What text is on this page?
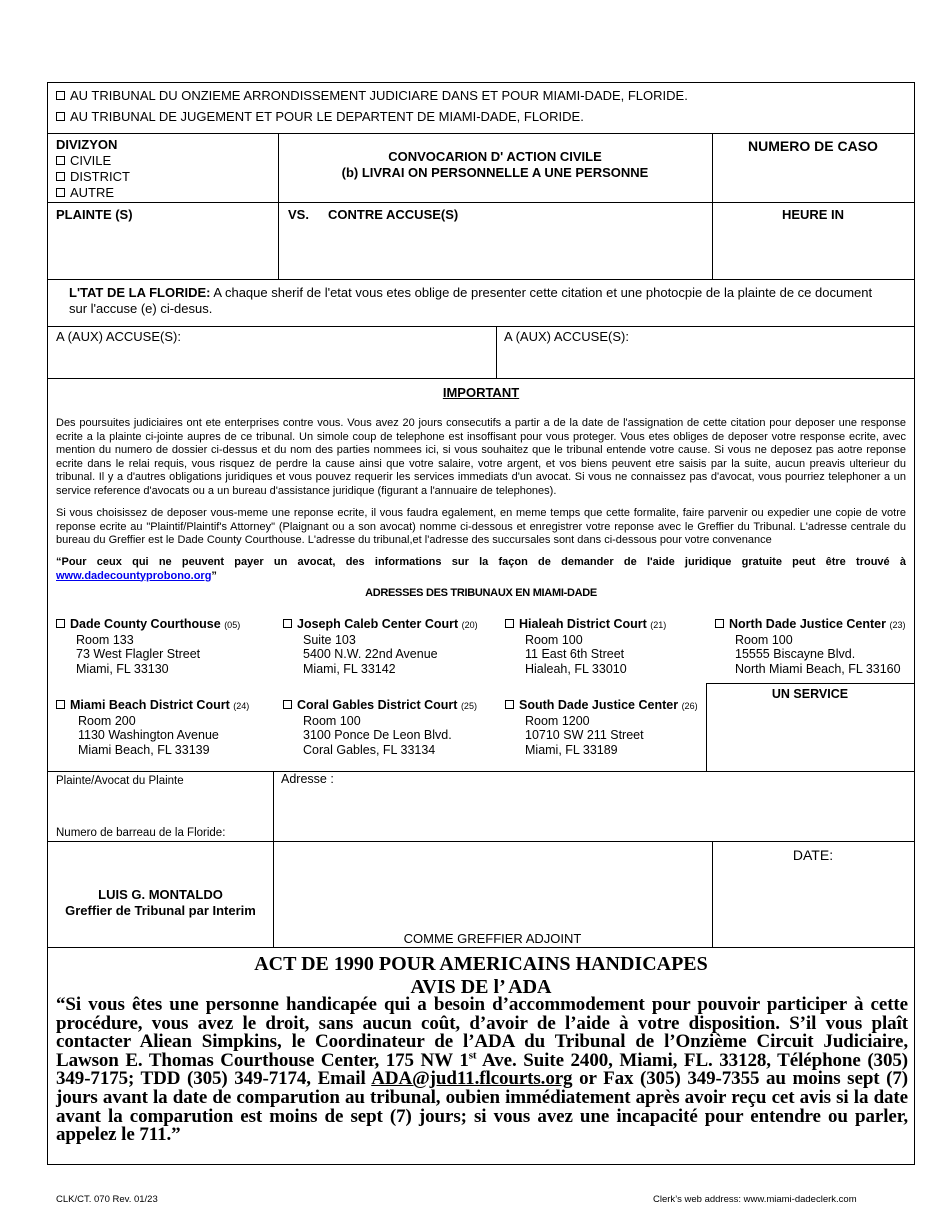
AU TRIBUNAL DU ONZIEME ARRONDISSEMENT JUDICIARE DANS ET POUR MIAMI-DADE, FLORIDE.
AU TRIBUNAL DE JUGEMENT ET POUR LE DEPARTENT DE MIAMI-DADE, FLORIDE.
DIVIZYON
CIVILE
DISTRICT
AUTRE
CONVOCARION D' ACTION CIVILE
(b) LIVRAI ON PERSONNELLE A UNE PERSONNE
NUMERO DE CASO
PLAINTE (S)	VS. CONTRE ACCUSE(S)	HEURE IN
L'TAT DE LA FLORIDE: A chaque sherif de l'etat vous etes oblige de presenter cette citation et une photocpie de la plainte de ce document sur l'accuse (e) ci-desus.
A (AUX) ACCUSE(S):	A (AUX) ACCUSE(S):
IMPORTANT
Des poursuites judiciaires ont ete enterprises contre vous. Vous avez 20 jours consecutifs a partir a de la date de l'assignation de cette citation pour deposer une response ecrite a la plainte ci-jointe aupres de ce tribunal. Un simole coup de telephone est insoffisant pour vous proteger. Vous etes obliges de deposer votre response ecrite, avec mention du numero de dossier ci-dessus et du nom des parties nommees ici, si vous souhaitez que le tribunal entende votre cause. Si vous ne deposez pas aotre reponse ecrite dans le relai requis, vous risquez de perdre la cause ainsi que votre salaire, votre argent, et vos biens peuvent etre saisis par la suite, aucun preavis ulterieur du tribunal. Il y a d'autres obligations juridiques et vous pouvez requerir les services immediats d'un avocat. Si vous ne connaissez pas d'avocat, vous pourriez telephoner a un service reference d'avocats ou a un bureau d'assistance juridique (figurant a l'annuaire de telephones).
Si vous choisissez de deposer vous-meme une reponse ecrite, il vous faudra egalement, en meme temps que cette formalite, faire parvenir ou expedier une copie de votre reponse ecrite au "Plaintif/Plaintif's Attorney" (Plaignant ou a son avocat) nomme ci-dessous et enregistrer votre reponse avec le Greffier du Tribunal. L'adresse centrale du bureau du Greffier est le Dade County Courthouse. L'adresse du tribunal,et l'adresse des succursales sont dans ci-dessous pour votre convenance
“Pour ceux qui ne peuvent payer un avocat, des informations sur la façon de demander de l'aide juridique gratuite peut être trouvé à www.dadecountyprobono.org”
ADRESSES DES TRIBUNAUX EN MIAMI-DADE
Dade County Courthouse (05)
Room 133
73 West Flagler Street
Miami, FL 33130
Joseph Caleb Center Court (20)
Suite 103
5400 N.W. 22nd Avenue
Miami, FL 33142
Hialeah District Court (21)
Room 100
11 East 6th Street
Hialeah, FL 33010
North Dade Justice Center (23)
Room 100
15555 Biscayne Blvd.
North Miami Beach, FL 33160
Miami Beach District Court (24)
Room 200
1130 Washington Avenue
Miami Beach, FL 33139
Coral Gables District Court (25)
Room 100
3100 Ponce De Leon Blvd.
Coral Gables, FL 33134
South Dade Justice Center (26)
Room 1200
10710 SW 211 Street
Miami, FL 33189
UN SERVICE
Plainte/Avocat du Plainte
Numero de barreau de la Floride:
Adresse :
LUIS G. MONTALDO
Greffier de Tribunal par Interim
COMME GREFFIER ADJOINT
DATE:
ACT DE 1990 POUR AMERICAINS HANDICAPES
AVIS DE l’ ADA
“Si vous êtes une personne handicapée qui a besoin d’accommodement pour pouvoir participer à cette procédure, vous avez le droit, sans aucun coût, d’avoir de l’aide à votre disposition. S’il vous plaît contacter Aliean Simpkins, le Coordinateur de l’ADA du Tribunal de l’Onzième Circuit Judiciaire, Lawson E. Thomas Courthouse Center, 175 NW 1st Ave. Suite 2400, Miami, FL. 33128, Téléphone (305) 349-7175; TDD (305) 349-7174, Email ADA@jud11.flcourts.org or Fax (305) 349-7355 au moins sept (7) jours avant la date de comparution au tribunal, oubien immédiatement après avoir reçu cet avis si la date avant la comparution est moins de sept (7) jours; si vous avez une incapacité pour entendre ou parler, appelez le 711.”
CLK/CT. 070 Rev. 01/23	Clerk’s web address: www.miami-dadeclerk.com
